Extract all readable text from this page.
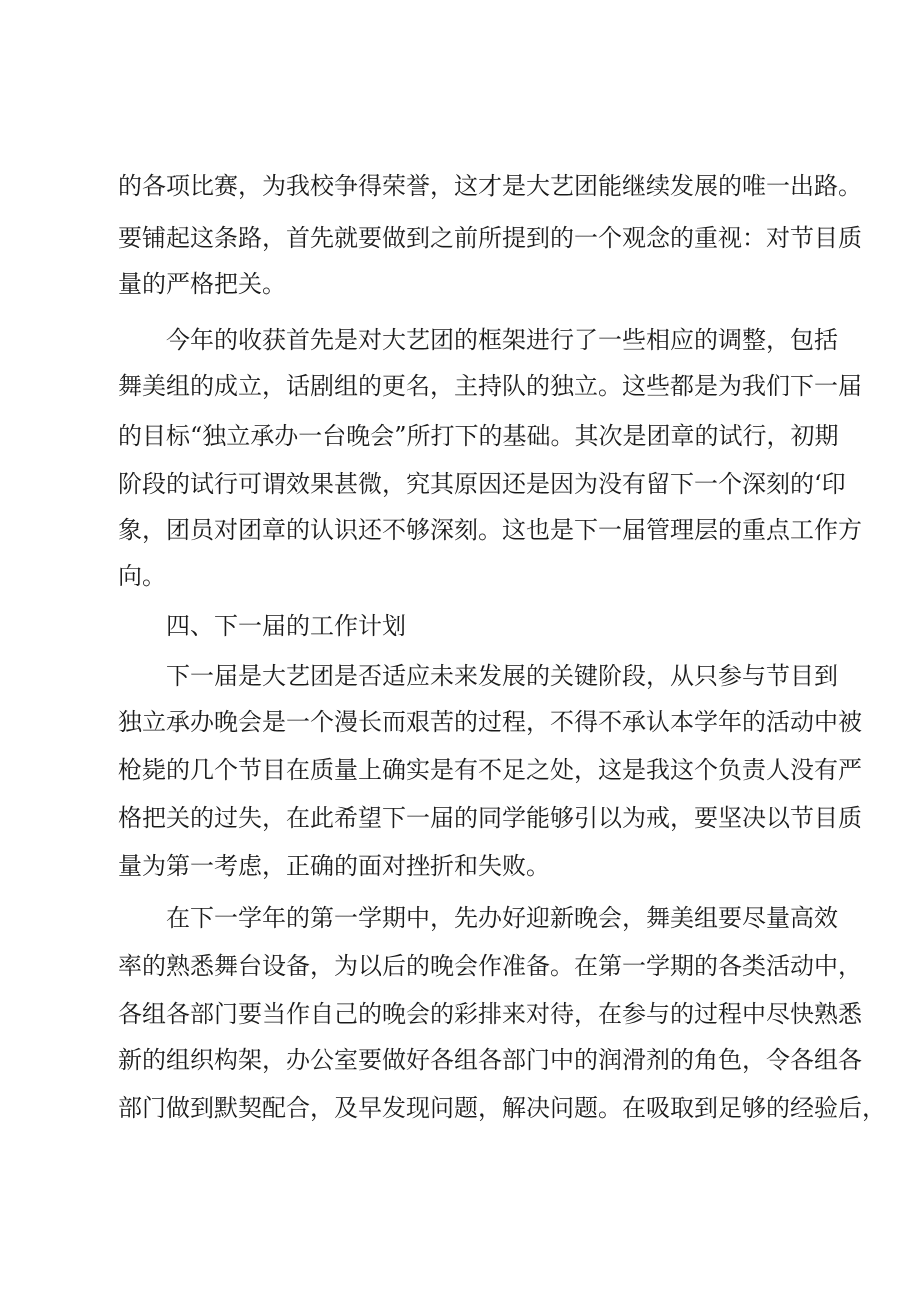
的各项比赛，为我校争得荣誉，这才是大艺团能继续发展的唯一出路。
要铺起这条路，首先就要做到之前所提到的一个观念的重视：对节目质
量的严格把关。
今年的收获首先是对大艺团的框架进行了一些相应的调整，包括
舞美组的成立，话剧组的更名，主持队的独立。这些都是为我们下一届
的目标“独立承办一台晚会”所打下的基础。其次是团章的试行，初期
阶段的试行可谓效果甚微，究其原因还是因为没有留下一个深刻的‘印
象，团员对团章的认识还不够深刻。这也是下一届管理层的重点工作方
向。
四、下一届的工作计划
下一届是大艺团是否适应未来发展的关键阶段，从只参与节目到
独立承办晚会是一个漫长而艰苦的过程，不得不承认本学年的活动中被
枪毙的几个节目在质量上确实是有不足之处，这是我这个负责人没有严
格把关的过失，在此希望下一届的同学能够引以为戒，要坚决以节目质
量为第一考虑，正确的面对挫折和失败。
在下一学年的第一学期中，先办好迎新晚会，舞美组要尽量高效
率的熟悉舞台设备，为以后的晚会作准备。在第一学期的各类活动中，
各组各部门要当作自己的晚会的彩排来对待，在参与的过程中尽快熟悉
新的组织构架，办公室要做好各组各部门中的润滑剂的角色，令各组各
部门做到默契配合，及早发现问题，解决问题。在吸取到足够的经验后，
